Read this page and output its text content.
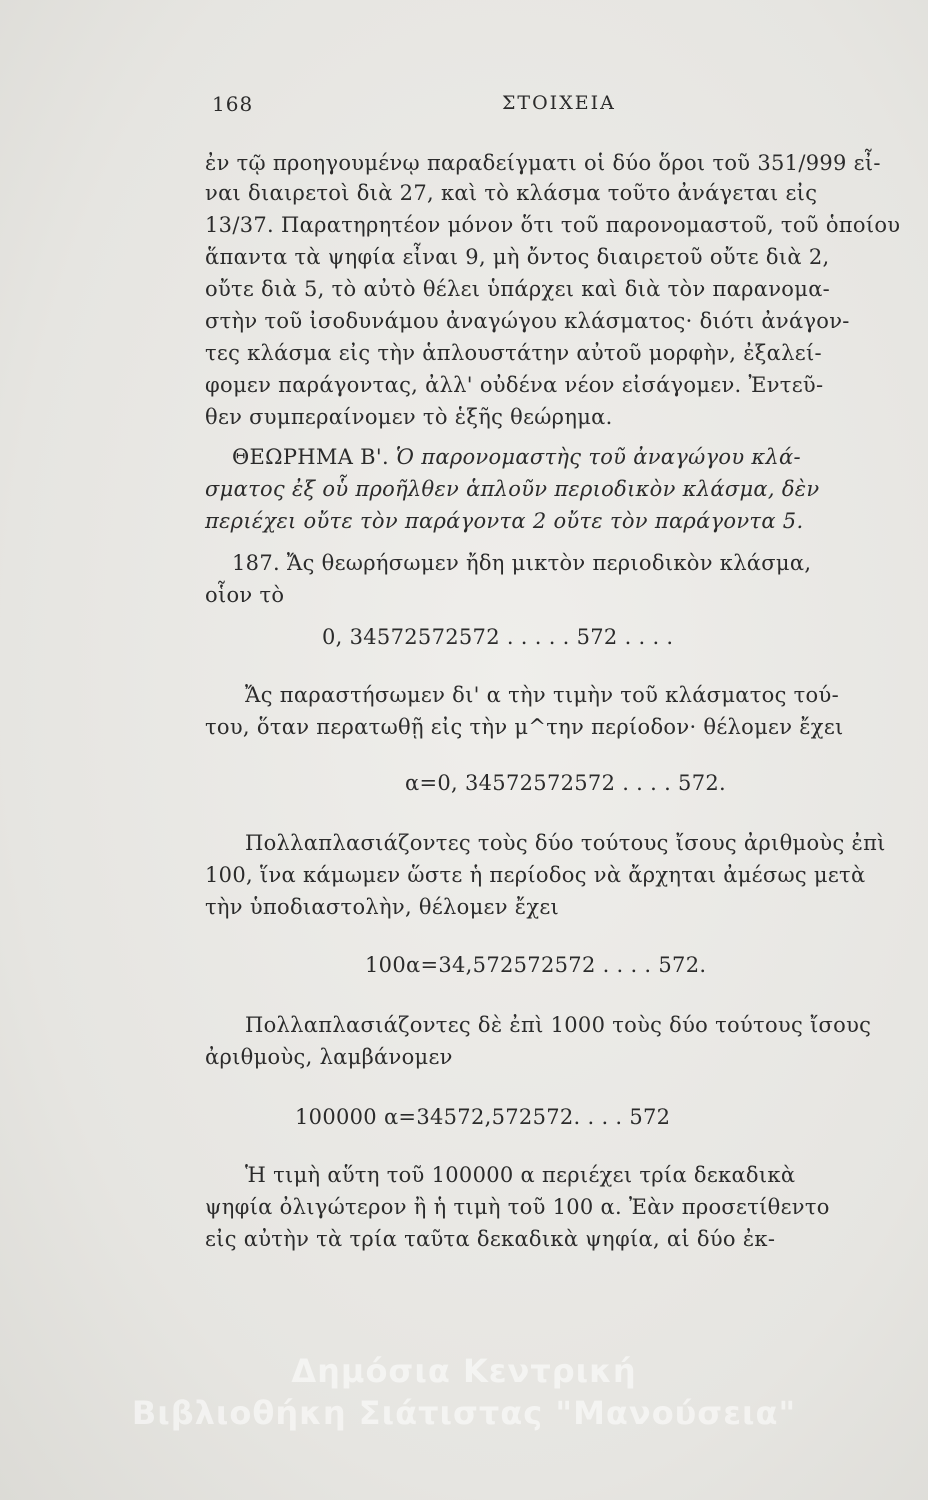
168	ΣΤΟΙΧΕΙΑ
ἐν τῷ προηγουμένῳ παραδείγματι οἱ δύο ὅροι τοῦ 351/999 εἶ-
ναι διαιρετοὶ διὰ 27, καὶ τὸ κλάσμα τοῦτο ἀνάγεται εἰς
13/37. Παρατηρητέον μόνον ὅτι τοῦ παρονομαστοῦ, τοῦ ὁποίου
ἅπαντα τὰ ψηφία εἶναι 9, μὴ ὄντος διαιρετοῦ οὔτε διὰ 2,
οὔτε διὰ 5, τὸ αὐτὸ θέλει ὑπάρχει καὶ διὰ τὸν παρανομα-
στὴν τοῦ ἰσοδυνάμου ἀναγώγου κλάσματος· διότι ἀνάγον-
τες κλάσμα εἰς τὴν ἁπλουστάτην αὐτοῦ μορφὴν, ἐξαλεί-
φομεν παράγοντας, ἀλλ' οὐδένα νέον εἰσάγομεν. Ἐντεῦ-
θεν συμπεραίνομεν τὸ ἑξῆς θεώρημα.
ΘΕΩΡΗΜΑ Β'. Ὁ παρονομαστὴς τοῦ ἀναγώγου κλά-
σματος ἐξ οὗ προῆλθεν ἁπλοῦν περιοδικὸν κλάσμα, δὲν
περιέχει οὔτε τὸν παράγοντα 2 οὔτε τὸν παράγοντα 5.
187. Ἄς θεωρήσωμεν ἤδη μικτὸν περιοδικὸν κλάσμα,
οἷον τὸ
0, 34572572572 . . . . . 572 . . . .
Ἄς παραστήσωμεν δι' α τὴν τιμὴν τοῦ κλάσματος τού-
του, ὅταν περατωθῇ εἰς τὴν μ^την περίοδον· θέλομεν ἔχει
α=0, 34572572572 . . . . 572.
Πολλαπλασιάζοντες τοὺς δύο τούτους ἴσους ἀριθμοὺς ἐπὶ
100, ἵνα κάμωμεν ὥστε ἡ περίοδος νὰ ἄρχηται ἀμέσως μετὰ
τὴν ὑποδιαστολὴν, θέλομεν ἔχει
100α=34,572572572 . . . . 572.
Πολλαπλασιάζοντες δὲ ἐπὶ 1000 τοὺς δύο τούτους ἴσους
ἀριθμοὺς, λαμβάνομεν
100000 α=34572,572572. . . . 572
Ἡ τιμὴ αὕτη τοῦ 100000 α περιέχει τρία δεκαδικὰ
ψηφία ὀλιγώτερον ἢ ἡ τιμὴ τοῦ 100 α. Ἐὰν προσετίθεντο
εἰς αὐτὴν τὰ τρία ταῦτα δεκαδικὰ ψηφία, αἱ δύο ἐκ-
Δημόσια Κεντρική
Βιβλιοθήκη Σιάτιστας "Μανούσεια"
